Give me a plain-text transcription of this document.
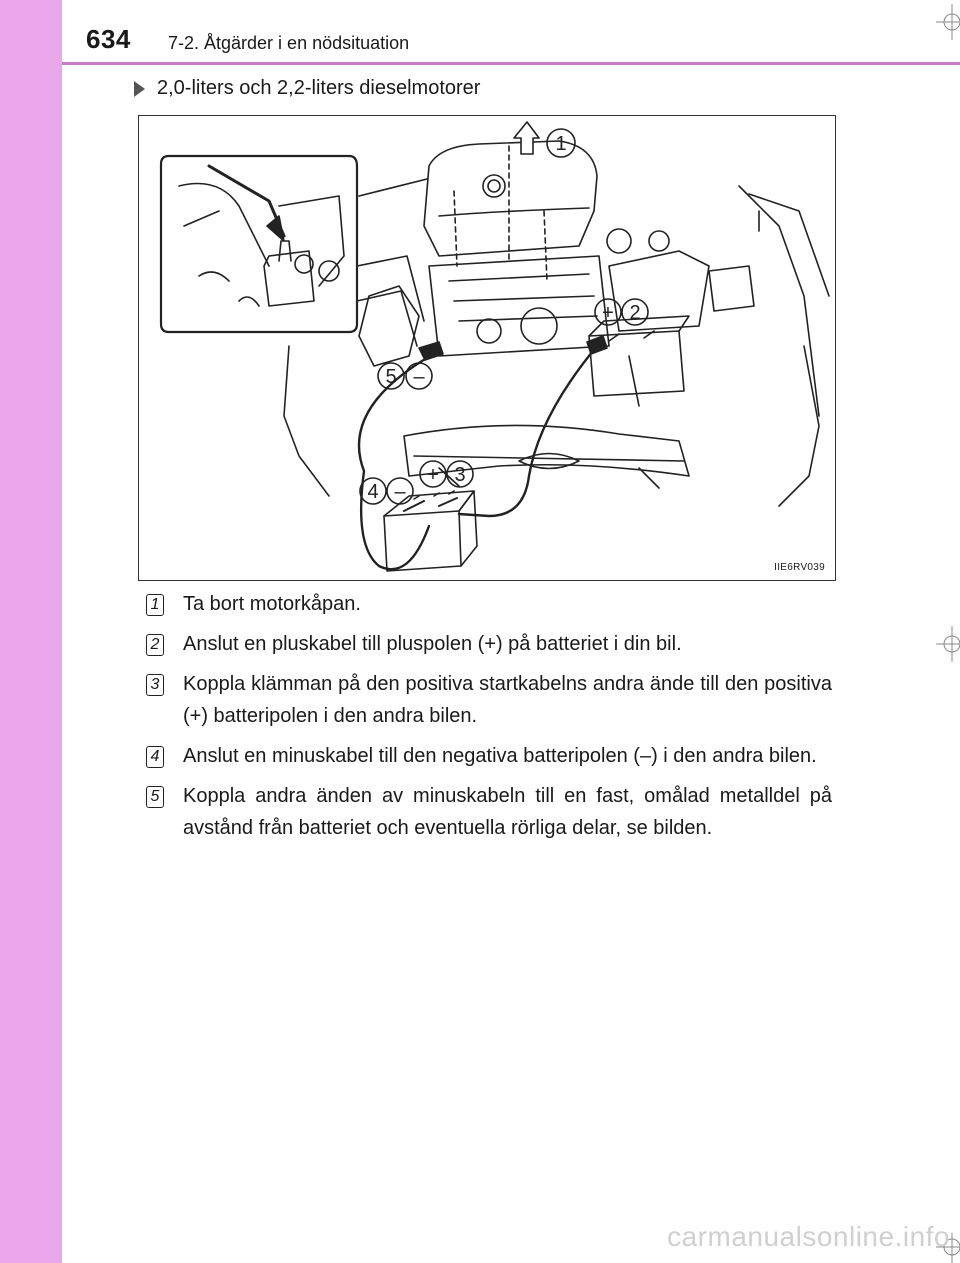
634 7-2. Åtgärder i en nödsituation
2,0-liters och 2,2-liters dieselmotorer
1
+ 2
5 –
4 –
+ 3
IIE6RV039
1 Ta bort motorkåpan.
2 Anslut en pluskabel till pluspolen (+) på batteriet i din bil.
3 Koppla klämman på den positiva startkabelns andra ände till den positiva (+) batteripolen i den andra bilen.
4 Anslut en minuskabel till den negativa batteripolen (–) i den andra bilen.
5 Koppla andra änden av minuskabeln till en fast, omålad metalldel på avstånd från batteriet och eventuella rörliga delar, se bilden.
carmanualsonline.info
